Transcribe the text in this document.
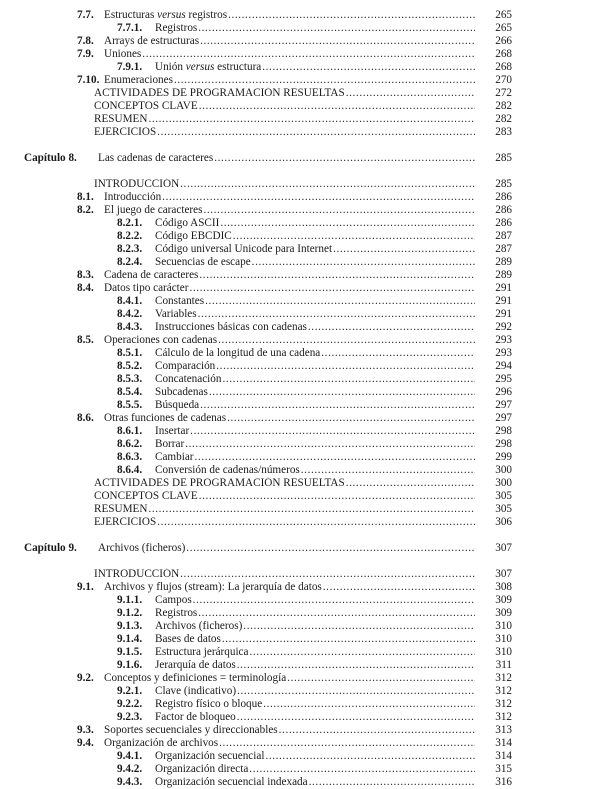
7.7. Estructuras versus registros .....	265
7.7.1. Registros .....	265
7.8. Arrays de estructuras .....	266
7.9. Uniones .....	268
7.9.1. Unión versus estructura .....	268
7.10. Enumeraciones .....	270
ACTIVIDADES DE PROGRAMACIÓN RESUELTAS .....	272
CONCEPTOS CLAVE .....	282
RESUMEN .....	282
EJERCICIOS .....	283
Capítulo 8. Las cadenas de caracteres .....	285
INTRODUCCIÓN .....	285
8.1. Introducción .....	286
8.2. El juego de caracteres .....	286
8.2.1. Código ASCII .....	286
8.2.2. Código EBCDIC .....	287
8.2.3. Código universal Unicode para Internet .....	287
8.2.4. Secuencias de escape .....	289
8.3. Cadena de caracteres .....	289
8.4. Datos tipo carácter .....	291
8.4.1. Constantes .....	291
8.4.2. Variables .....	291
8.4.3. Instrucciones básicas con cadenas .....	292
8.5. Operaciones con cadenas .....	293
8.5.1. Cálculo de la longitud de una cadena .....	293
8.5.2. Comparación .....	294
8.5.3. Concatenación .....	295
8.5.4. Subcadenas .....	296
8.5.5. Búsqueda .....	297
8.6. Otras funciones de cadenas .....	297
8.6.1. Insertar .....	298
8.6.2. Borrar .....	298
8.6.3. Cambiar .....	299
8.6.4. Conversión de cadenas/números .....	300
ACTIVIDADES DE PROGRAMACIÓN RESUELTAS .....	300
CONCEPTOS CLAVE .....	305
RESUMEN .....	305
EJERCICIOS .....	306
Capítulo 9. Archivos (ficheros) .....	307
INTRODUCCIÓN .....	307
9.1. Archivos y flujos (stream): La jerarquía de datos .....	308
9.1.1. Campos .....	309
9.1.2. Registros .....	309
9.1.3. Archivos (ficheros) .....	310
9.1.4. Bases de datos .....	310
9.1.5. Estructura jerárquica .....	310
9.1.6. Jerarquía de datos .....	311
9.2. Conceptos y definiciones = terminología .....	312
9.2.1. Clave (indicativo) .....	312
9.2.2. Registro físico o bloque .....	312
9.2.3. Factor de bloqueo .....	312
9.3. Soportes secuenciales y direccionables .....	313
9.4. Organización de archivos .....	314
9.4.1. Organización secuencial .....	314
9.4.2. Organización directa .....	315
9.4.3. Organización secuencial indexada .....	316
